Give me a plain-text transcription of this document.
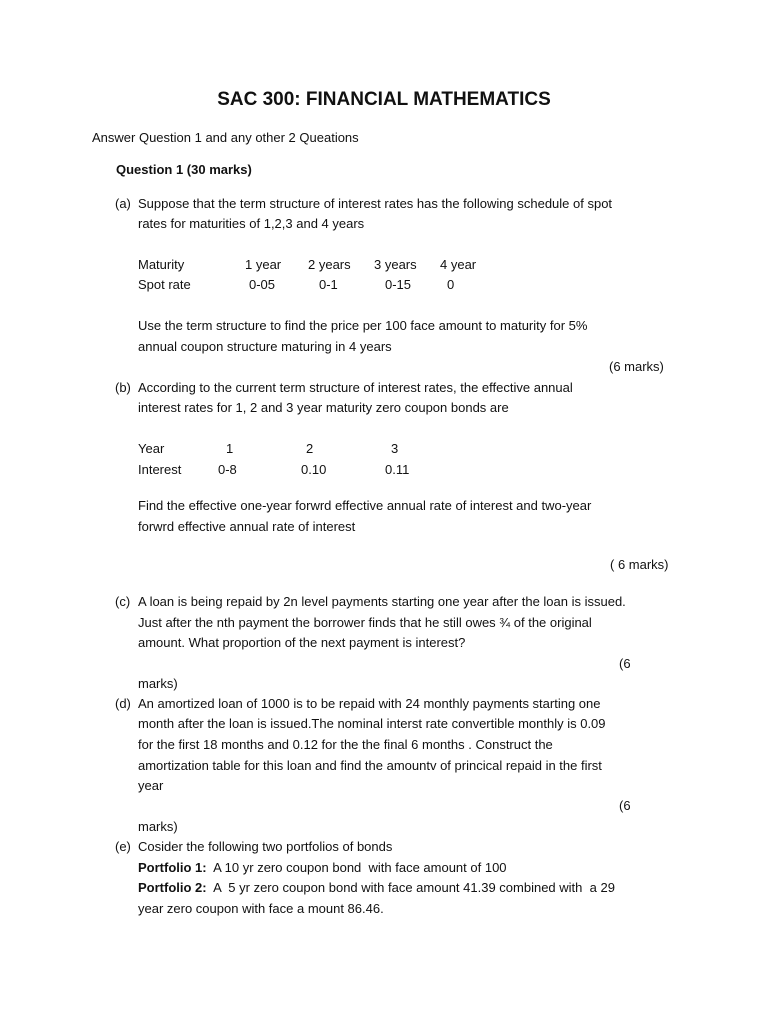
SAC 300: FINANCIAL MATHEMATICS
Answer Question 1 and any other 2 Queations
Question 1 (30 marks)
(a) Suppose that the term structure of interest rates has the following schedule of spot
rates for maturities of 1,2,3 and 4 years
Maturity	1 year 2 years 3 years 4 year
Spot rate	0-05	0-1	0-15	0
Use the term structure to find the price per 100 face amount to maturity for 5%
annual coupon structure maturing in 4 years
(6 marks)
(b) According to the current term structure of interest rates, the effective annual
interest rates for 1, 2 and 3 year maturity zero coupon bonds are
Year	1	2	3
Interest	0-8	0.10	0.11
Find the effective one-year forwrd effective annual rate of interest and two-year
forwrd effective annual rate of interest
( 6 marks)
(c) A loan is being repaid by 2n level payments starting one year after the loan is issued.
Just after the nth payment the borrower finds that he still owes ¾ of the original
amount. What proportion of the next payment is interest?
(6
marks)
(d) An amortized loan of 1000 is to be repaid with 24 monthly payments starting one
month after the loan is issued.The nominal interst rate convertible monthly is 0.09
for the first 18 months and 0.12 for the the final 6 months . Construct the
amortization table for this loan and find the amountv of princical repaid in the first
year
(6
marks)
(e) Cosider the following two portfolios of bonds
Portfolio 1:  A 10 yr zero coupon bond  with face amount of 100
Portfolio 2:  A  5 yr zero coupon bond with face amount 41.39 combined with  a 29
year zero coupon with face a mount 86.46.
